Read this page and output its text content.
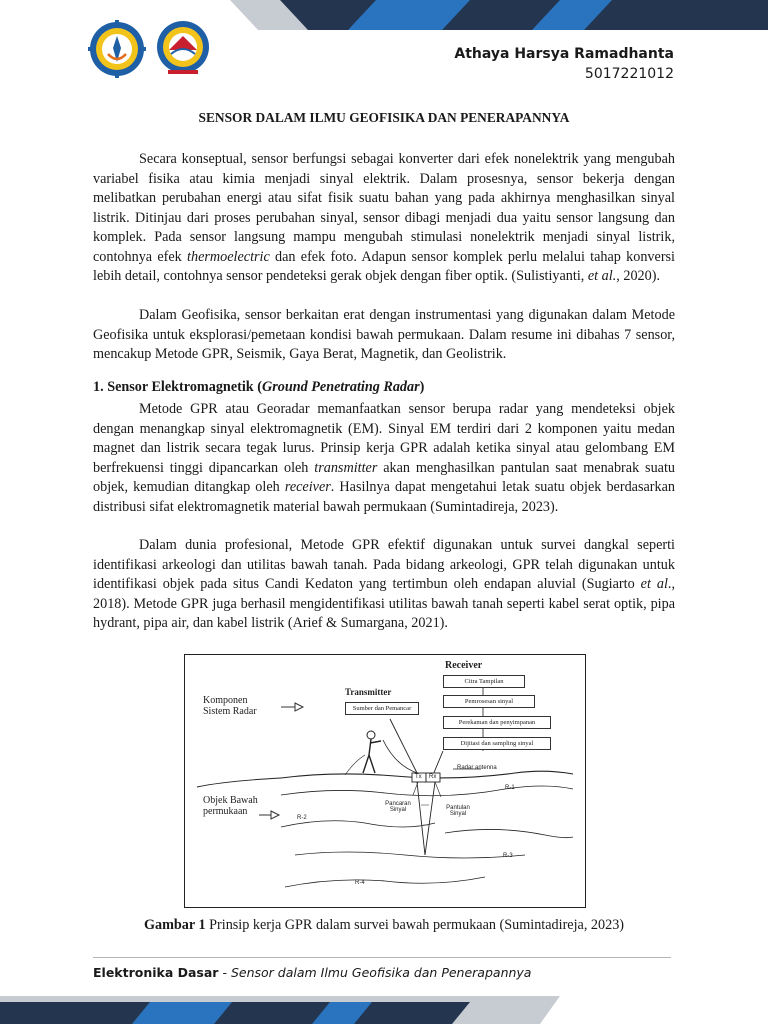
Athaya Harsya Ramadhanta
5017221012
SENSOR DALAM ILMU GEOFISIKA DAN PENERAPANNYA

Secara konseptual, sensor berfungsi sebagai konverter dari efek nonelektrik yang mengubah variabel fisika atau kimia menjadi sinyal elektrik. Dalam prosesnya, sensor bekerja dengan melibatkan perubahan energi atau sifat fisik suatu bahan yang pada akhirnya menghasilkan sinyal listrik. Ditinjau dari proses perubahan sinyal, sensor dibagi menjadi dua yaitu sensor langsung dan komplek. Pada sensor langsung mampu mengubah stimulasi nonelektrik menjadi sinyal listrik, contohnya efek thermoelectric dan efek foto. Adapun sensor komplek perlu melalui tahap konversi lebih detail, contohnya sensor pendeteksi gerak objek dengan fiber optik. (Sulistiyanti, et al., 2020).

Dalam Geofisika, sensor berkaitan erat dengan instrumentasi yang digunakan dalam Metode Geofisika untuk eksplorasi/pemetaan kondisi bawah permukaan. Dalam resume ini dibahas 7 sensor, mencakup Metode GPR, Seismik, Gaya Berat, Magnetik, dan Geolistrik.

1. Sensor Elektromagnetik (Ground Penetrating Radar)

Metode GPR atau Georadar memanfaatkan sensor berupa radar yang mendeteksi objek dengan menangkap sinyal elektromagnetik (EM). Sinyal EM terdiri dari 2 komponen yaitu medan magnet dan listrik secara tegak lurus. Prinsip kerja GPR adalah ketika sinyal atau gelombang EM berfrekuensi tinggi dipancarkan oleh transmitter akan menghasilkan pantulan saat menabrak suatu objek, kemudian ditangkap oleh receiver. Hasilnya dapat mengetahui letak suatu objek berdasarkan distribusi sifat elektromagnetik material bawah permukaan (Sumintadireja, 2023).

Dalam dunia profesional, Metode GPR efektif digunakan untuk survei dangkal seperti identifikasi arkeologi dan utilitas bawah tanah. Pada bidang arkeologi, GPR telah digunakan untuk identifikasi objek pada situs Candi Kedaton yang tertimbun oleh endapan aluvial (Sugiarto et al., 2018). Metode GPR juga berhasil mengidentifikasi utilitas bawah tanah seperti kabel serat optik, pipa hydrant, pipa air, dan kabel listrik (Arief & Sumargana, 2021).

Receiver
Citra Tampilan
Pemrosesan sinyal
Perekaman dan penyimpanan
Dijitasi dan sampling sinyal
Transmitter
Sumber dan Pemancar
Komponen Sistem Radar
Objek Bawah permukaan
Radar antenna
Tx Rx
Pancaran Sinyal	Pantulan Sinyal
R-1
R-2
R-3
R-4
Gambar 1 Prinsip kerja GPR dalam survei bawah permukaan (Sumintadireja, 2023)
Elektronika Dasar - Sensor dalam Ilmu Geofisika dan Penerapannya
